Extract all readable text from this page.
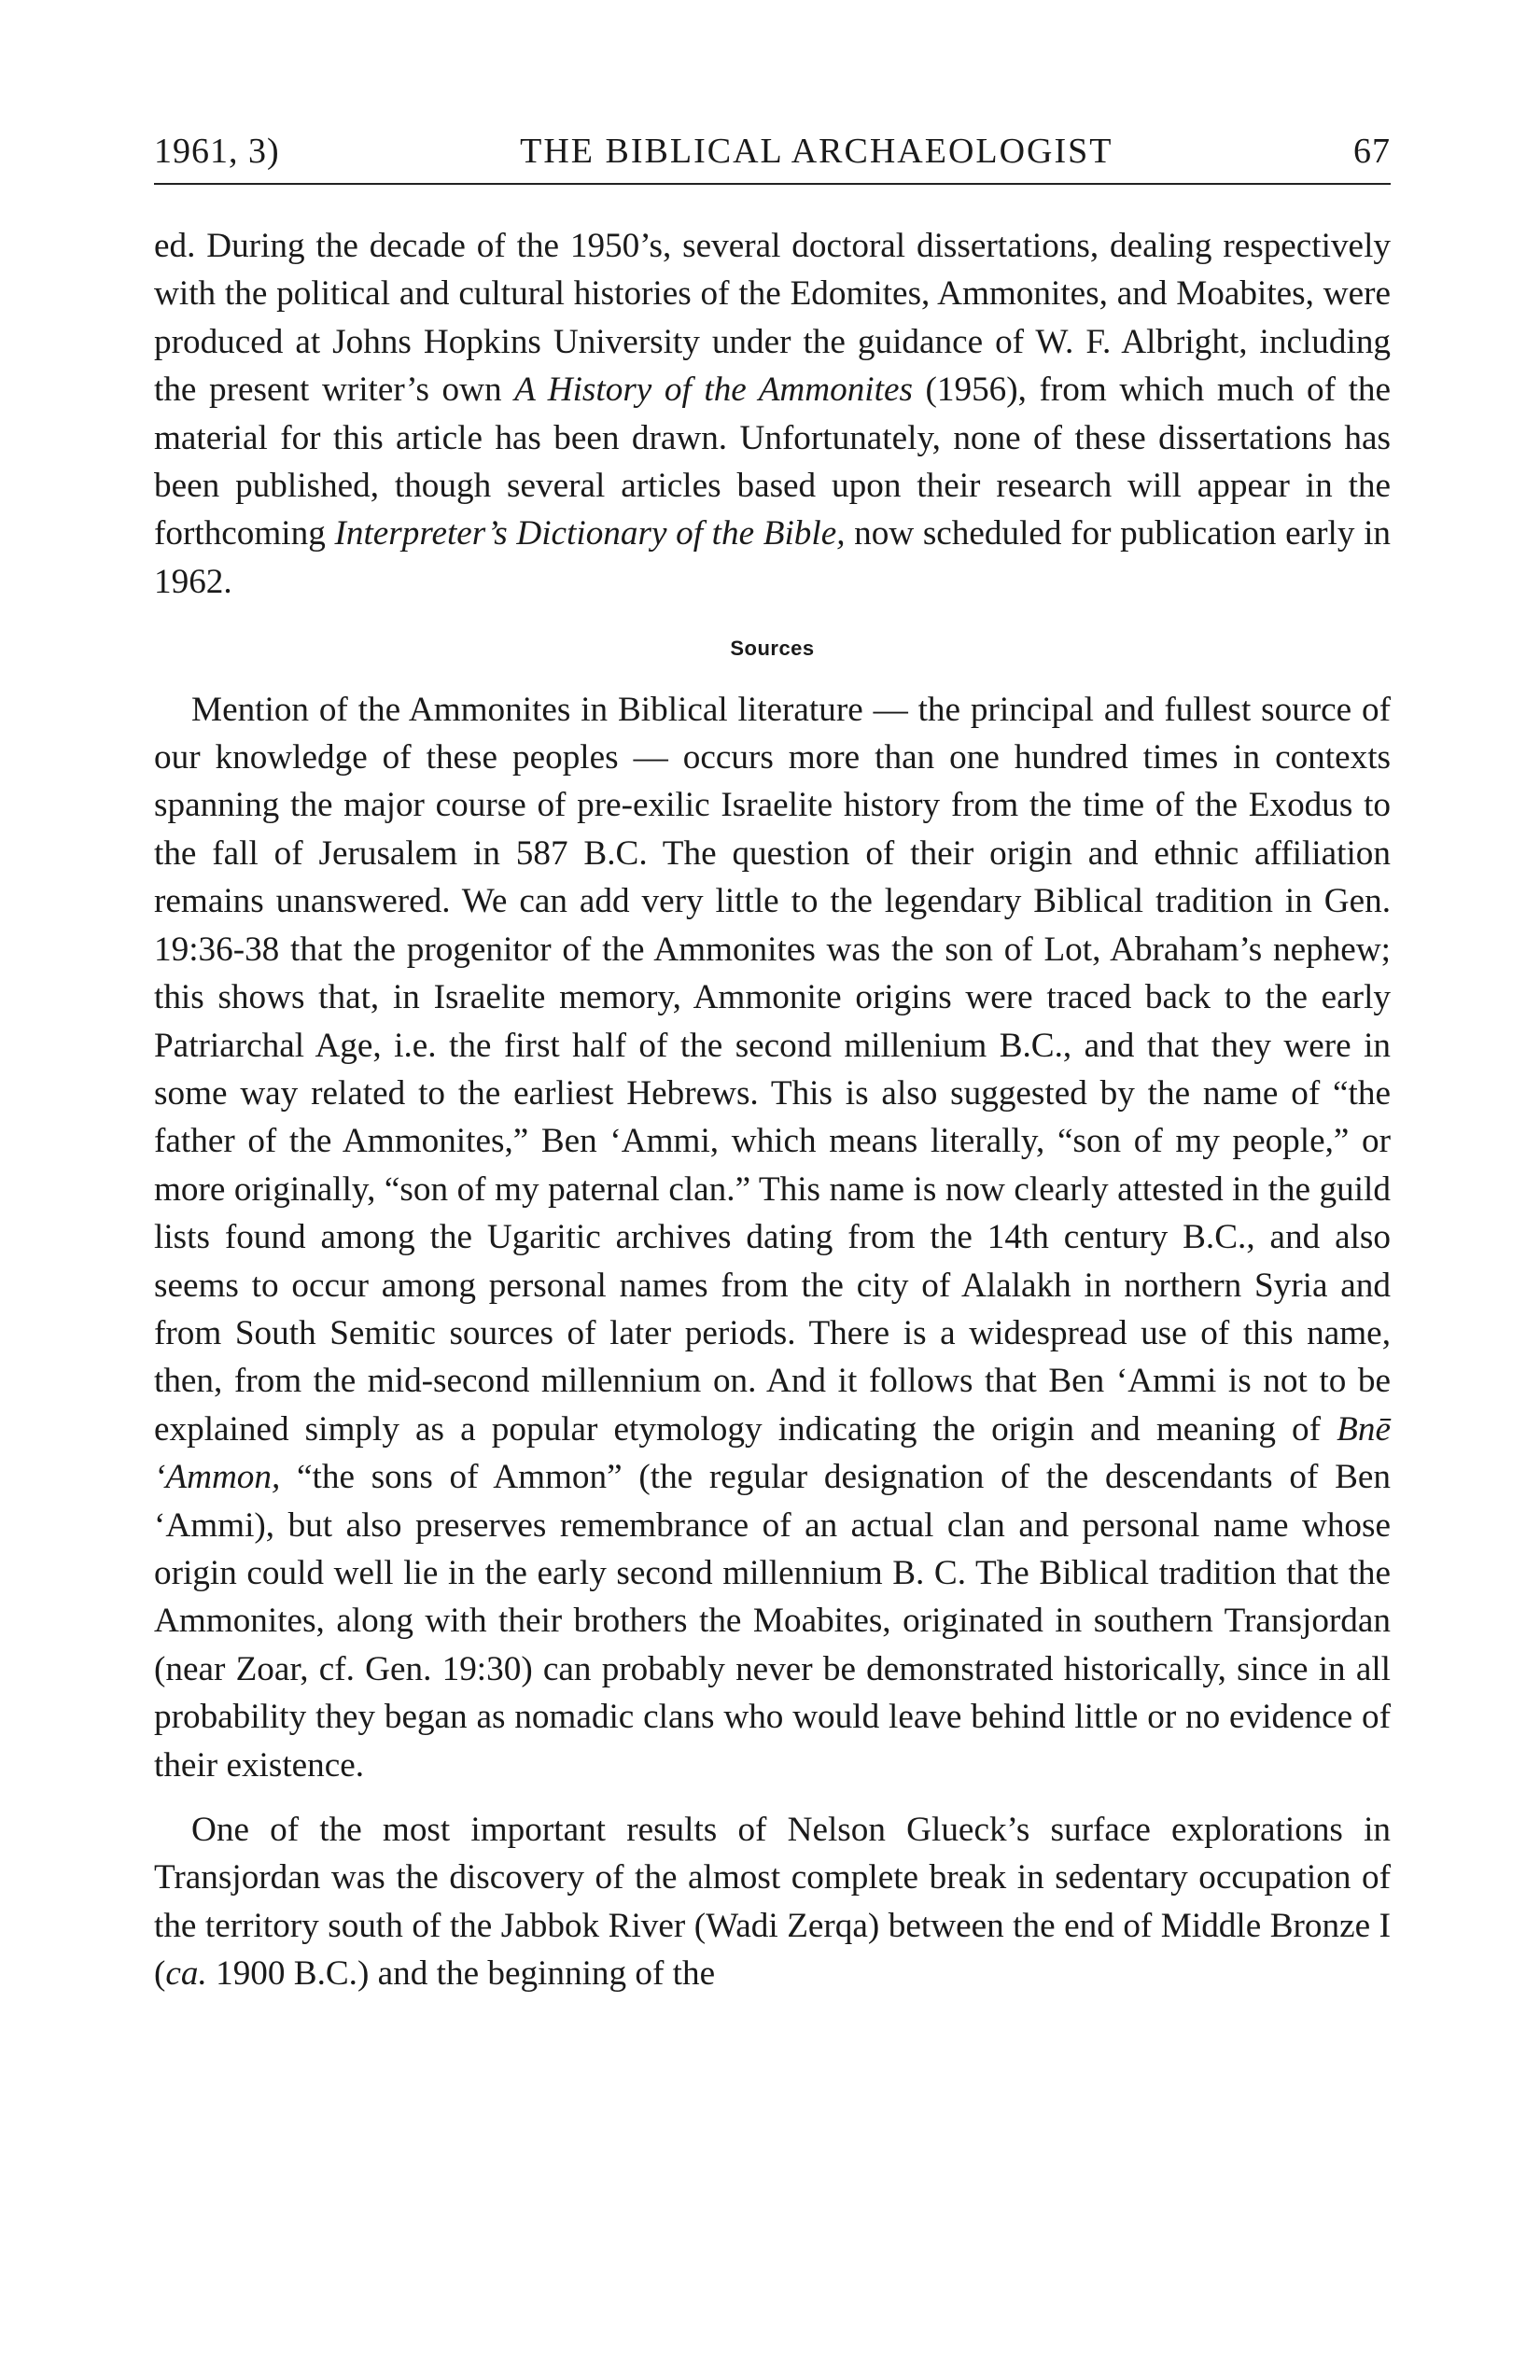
1961, 3)	THE BIBLICAL ARCHAEOLOGIST	67

ed. During the decade of the 1950’s, several doctoral dissertations, dealing respectively with the political and cultural histories of the Edomites, Ammonites, and Moabites, were produced at Johns Hopkins University under the guidance of W. F. Albright, including the present writer’s own A History of the Ammonites (1956), from which much of the material for this article has been drawn. Unfortunately, none of these dissertations has been published, though several articles based upon their research will appear in the forthcoming Interpreter’s Dictionary of the Bible, now scheduled for publication early in 1962.

Sources

Mention of the Ammonites in Biblical literature — the principal and fullest source of our knowledge of these peoples — occurs more than one hundred times in contexts spanning the major course of pre-exilic Israelite history from the time of the Exodus to the fall of Jerusalem in 587 B.C. The question of their origin and ethnic affiliation remains unanswered. We can add very little to the legendary Biblical tradition in Gen. 19:36-38 that the progenitor of the Ammonites was the son of Lot, Abraham’s nephew; this shows that, in Israelite memory, Ammonite origins were traced back to the early Patriarchal Age, i.e. the first half of the second millenium B.C., and that they were in some way related to the earliest Hebrews. This is also suggested by the name of “the father of the Ammonites,” Ben ‘Ammi, which means literally, “son of my people,” or more originally, “son of my paternal clan.” This name is now clearly attested in the guild lists found among the Ugaritic archives dating from the 14th century B.C., and also seems to occur among personal names from the city of Alalakh in northern Syria and from South Semitic sources of later periods. There is a widespread use of this name, then, from the mid-second millennium on. And it follows that Ben ‘Ammi is not to be explained simply as a popular etymology indicating the origin and meaning of Bnē ‘Ammon, “the sons of Ammon” (the regular designation of the descendants of Ben ‘Ammi), but also preserves remembrance of an actual clan and personal name whose origin could well lie in the early second millennium B. C. The Biblical tradition that the Ammonites, along with their brothers the Moabites, originated in southern Transjordan (near Zoar, cf. Gen. 19:30) can probably never be demonstrated historically, since in all probability they began as nomadic clans who would leave behind little or no evidence of their existence.

One of the most important results of Nelson Glueck’s surface explorations in Transjordan was the discovery of the almost complete break in sedentary occupation of the territory south of the Jabbok River (Wadi Zerqa) between the end of Middle Bronze I (ca. 1900 B.C.) and the beginning of the
